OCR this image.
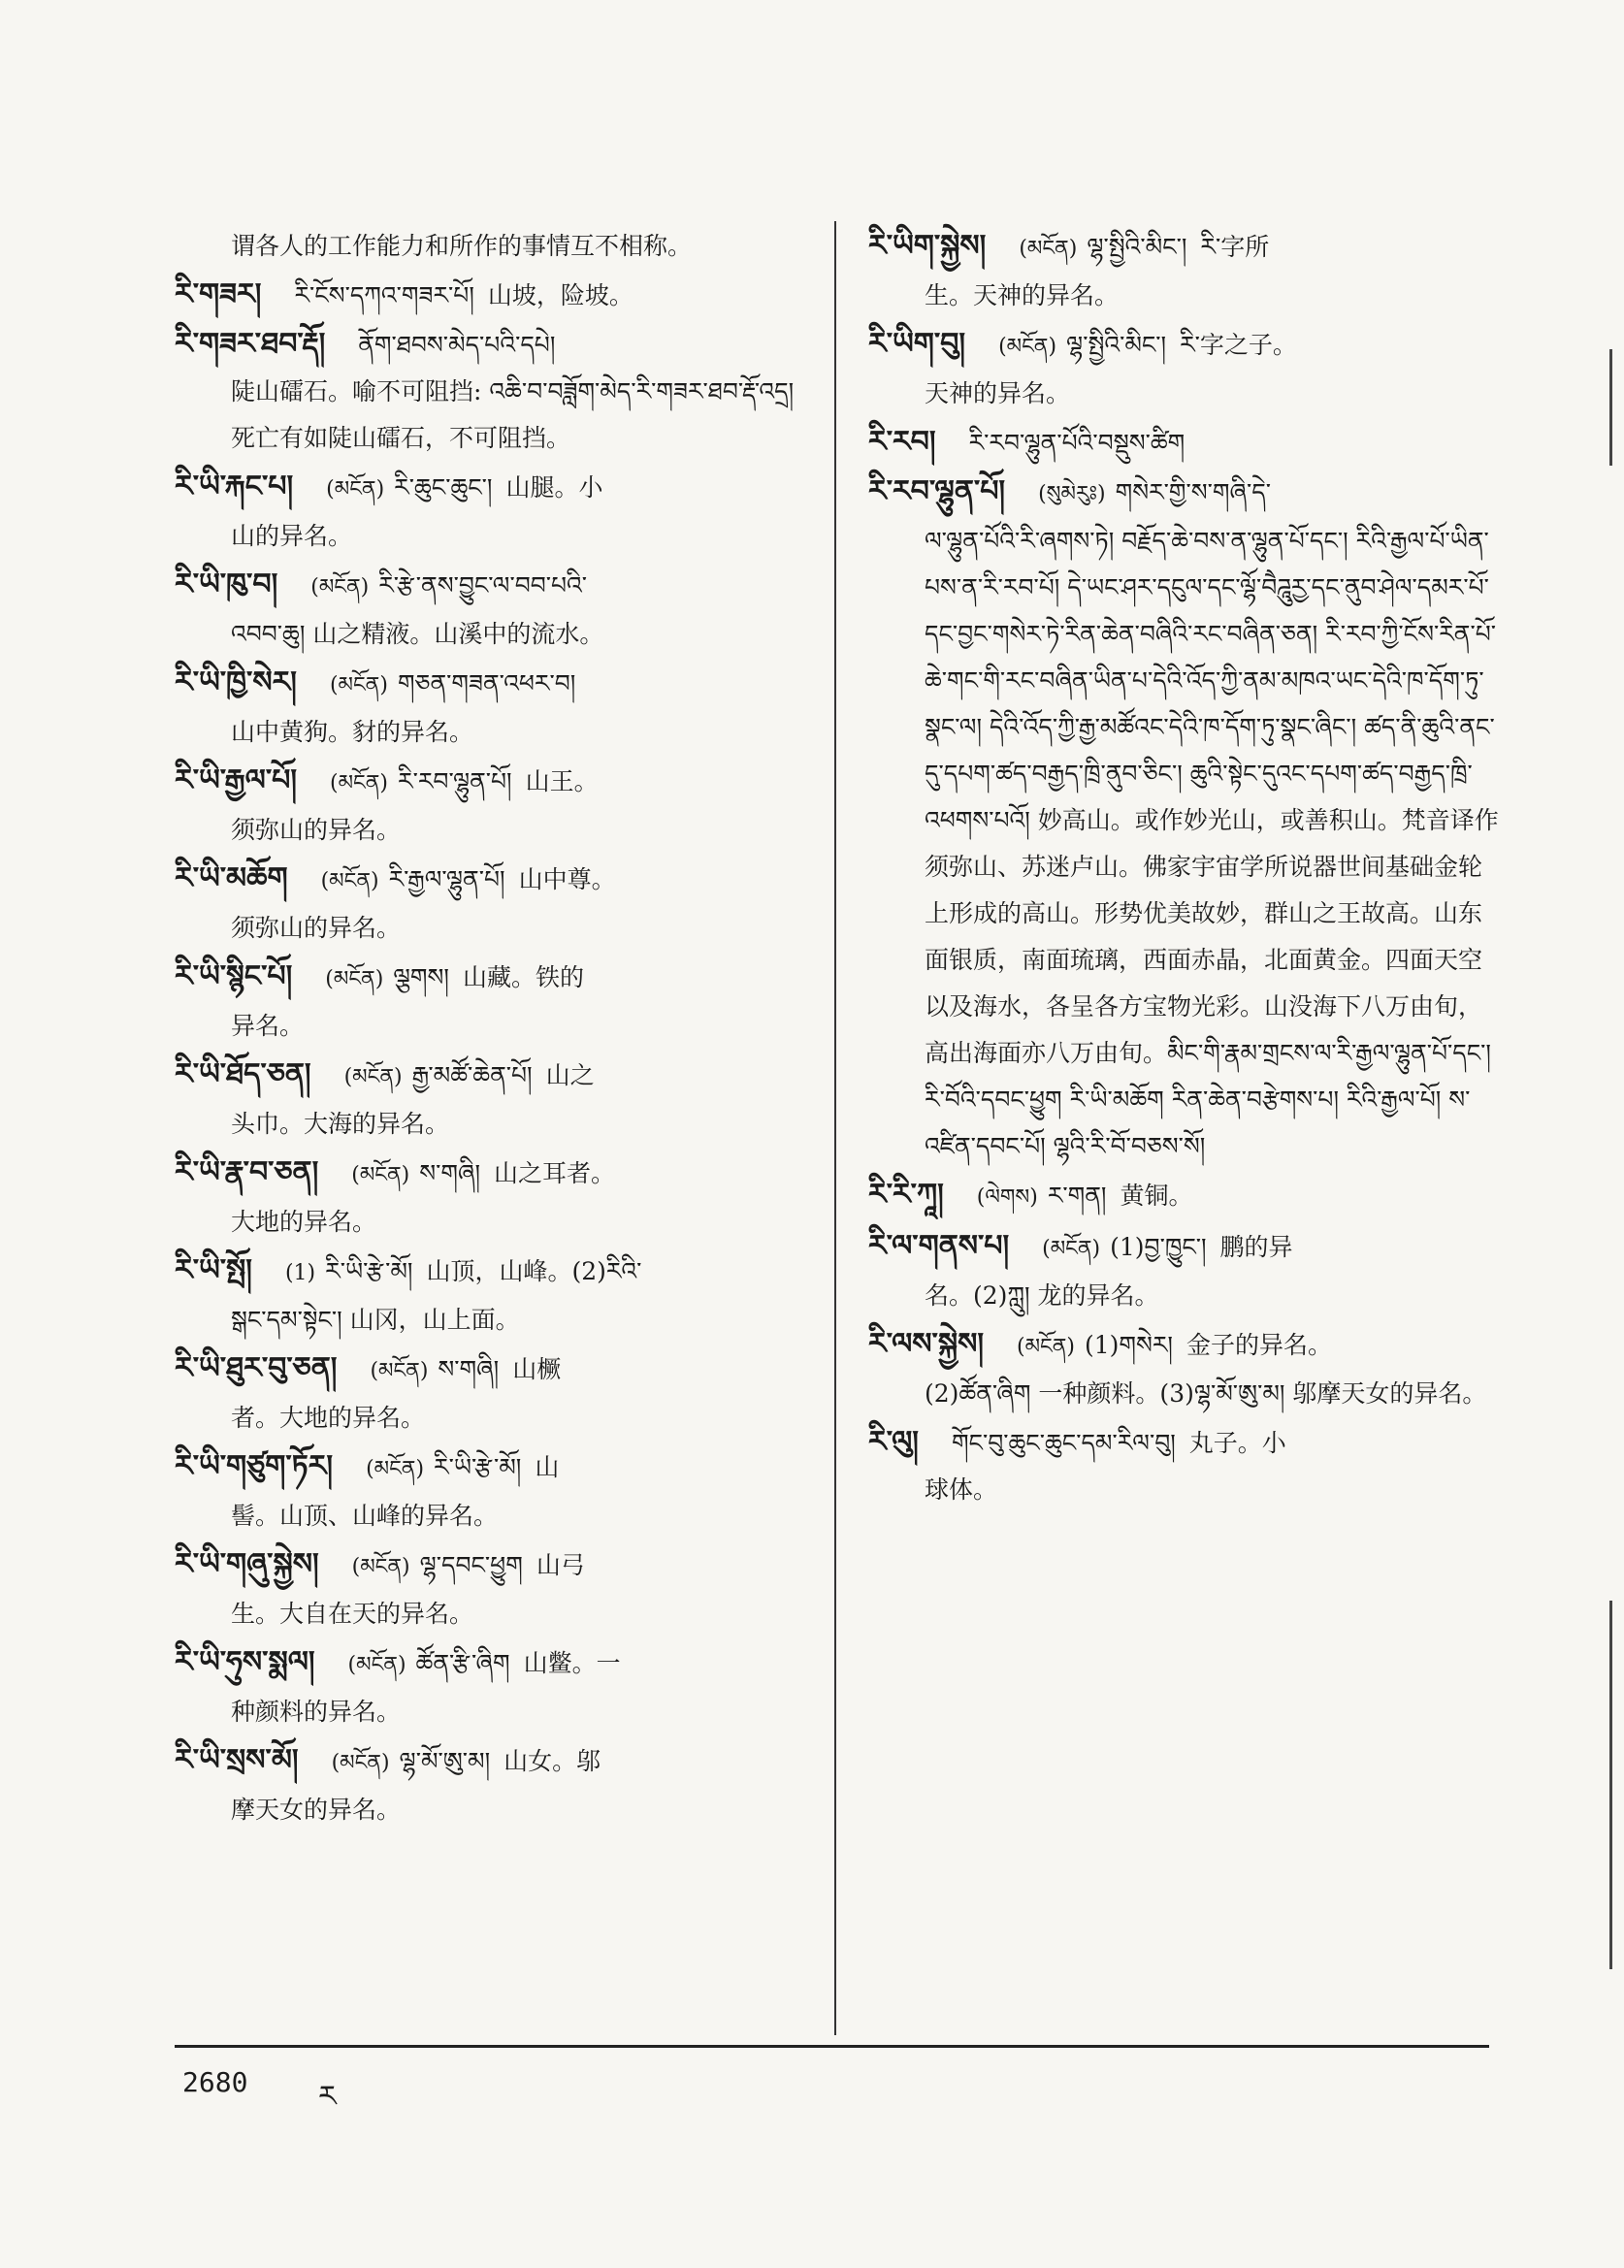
谓各人的工作能力和所作的事情互不相称。
རི་གཟར། རི་ངོས་དཀའ་གཟར་པོ། 山坡，险坡。
རི་གཟར་ཐབ་རྡོ། ནོག་ཐབས་མེད་པའི་དཔེ།
陡山礌石。喻不可阻挡: འཆི་བ་བཟློག་མེད་རི་གཟར་ཐབ་རྡོ་འདྲ། 死亡有如陡山礌石，不可阻挡。
རི་ཡི་རྐང་པ། (མངོན) རི་ཆུང་ཆུང་། 山腿。小
山的异名。
རི་ཡི་ཁུ་བ། (མངོན) རི་རྩེ་ནས་བྱུང་ལ་བབ་པའི་
འབབ་ཆུ། 山之精液。山溪中的流水。
རི་ཡི་ཁྱི་སེར། (མངོན) གཅན་གཟན་འཕར་བ།
山中黄狗。豺的异名。
རི་ཡི་རྒྱལ་པོ། (མངོན) རི་རབ་ལྷུན་པོ། 山王。
须弥山的异名。
རི་ཡི་མཆོག (མངོན) རི་རྒྱལ་ལྷུན་པོ། 山中尊。
须弥山的异名。
རི་ཡི་སྙིང་པོ། (མངོན) ལྕགས། 山藏。铁的
异名。
རི་ཡི་ཐོད་ཅན། (མངོན) རྒྱ་མཚོ་ཆེན་པོ། 山之
头巾。大海的异名。
རི་ཡི་རྣ་བ་ཅན། (མངོན) ས་གཞི། 山之耳者。
大地的异名。
རི་ཡི་སྤོ། (1) རི་ཡི་རྩེ་མོ། 山顶，山峰。(2)རིའི་
སྒང་དམ་སྟེང་། 山冈，山上面。
རི་ཡི་ཐུར་བུ་ཅན། (མངོན) ས་གཞི། 山橛
者。大地的异名。
རི་ཡི་གཙུག་ཏོར། (མངོན) རི་ཡི་རྩེ་མོ། 山
髻。山顶、山峰的异名。
རི་ཡི་གཞུ་སྐྱེས། (མངོན) ལྷ་དབང་ཕྱུག 山弓
生。大自在天的异名。
རི་ཡི་ཧུས་སྨལ། (མངོན) ཚོན་རྩི་ཞིག 山鳖。一
种颜料的异名。
རི་ཡི་སྲས་མོ། (མངོན) ལྷ་མོ་ཨུ་མ། 山女。邬
摩天女的异名。
རི་ཡིག་སྐྱེས། (མངོན) ལྷ་སྤྱིའི་མིང་། རི་字所
生。天神的异名。
རི་ཡིག་བུ། (མངོན) ལྷ་སྤྱིའི་མིང་། རི་字之子。
天神的异名。
རི་རབ། རི་རབ་ལྷུན་པོའི་བསྡུས་ཚིག
རི་རབ་ལྷུན་པོ། (སུམེརུཿ) གསེར་གྱི་ས་གཞི་དེ་
ལ་ལྷུན་པོའི་རི་ཞགས་ཏེ། བརྗོད་ཆེ་བས་ན་ལྷུན་པོ་དང་། རིའི་རྒྱལ་པོ་ཡིན་པས་ན་རི་རབ་པོ། དེ་ཡང་ཤར་དངུལ་དང་ལྷོ་བཻཌཱུརྱ་དང་ནུབ་ཤེལ་དམར་པོ་དང་བྱང་གསེར་ཏེ་རིན་ཆེན་བཞིའི་རང་བཞིན་ཅན། རི་རབ་ཀྱི་ངོས་རིན་པོ་ཆེ་གང་གི་རང་བཞིན་ཡིན་པ་དེའི་འོད་ཀྱི་ནམ་མཁའ་ཡང་དེའི་ཁ་དོག་ཏུ་སྣང་ལ། དེའི་འོད་ཀྱི་རྒྱ་མཚོའང་དེའི་ཁ་དོག་ཏུ་སྣང་ཞིང་། ཚད་ནི་ཆུའི་ནང་དུ་དཔག་ཚད་བརྒྱད་ཁྲི་ནུབ་ཅིང་། ཆུའི་སྟེང་དུའང་དཔག་ཚད་བརྒྱད་ཁྲི་འཕགས་པའོ། 妙高山。或作妙光山，或善积山。梵音译作须弥山、苏迷卢山。佛家宇宙学所说器世间基础金轮上形成的高山。形势优美故妙，群山之王故高。山东面银质，南面琉璃，西面赤晶，北面黄金。四面天空以及海水，各呈各方宝物光彩。山没海下八万由旬，高出海面亦八万由旬。མིང་གི་རྣམ་གྲངས་ལ་རི་རྒྱལ་ལྷུན་པོ་དང་། རི་བོའི་དབང་ཕྱུག རི་ཡི་མཆོག རིན་ཆེན་བརྩེགས་པ། རིའི་རྒྱལ་པོ། ས་འཛིན་དབང་པོ། ལྷའི་རི་བོ་བཅས་སོ།
རི་རི་ཀཱ། (ལེགས) ར་གན། 黄铜。
རི་ལ་གནས་པ། (མངོན) (1)བྱ་ཁྱུང་། 鹏的异
名。(2)ཀླུ། 龙的异名。
རི་ལས་སྐྱེས། (མངོན) (1)གསེར། 金子的异名。
(2)ཚོན་ཞིག 一种颜料。(3)ལྷ་མོ་ཨུ་མ། 邬摩天女的异名。
རི་ལུ། གོང་བུ་ཆུང་ཆུང་དམ་རིལ་བུ། 丸子。小
球体。
2680 ར
